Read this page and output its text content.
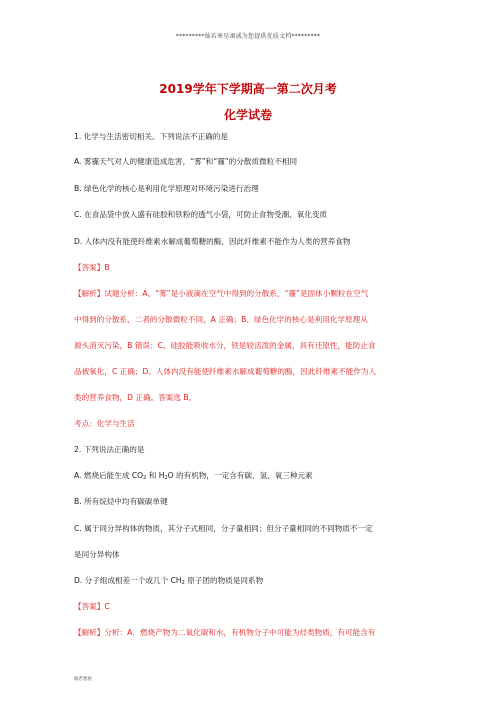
*********灿若寒星竭诚为您提供优质文档*********
2019学年下学期高一第二次月考
化学试卷
1. 化学与生活密切相关。下列说法不正确的是
A. 雾霾天气对人的健康造成危害，“雾”和“霾”的分散质微粒不相同
B. 绿色化学的核心是利用化学原理对环境污染进行治理
C. 在食品袋中放入盛有硅胶和铁粉的透气小袋，可防止食物受潮、氧化变质
D. 人体内没有能使纤维素水解成葡萄糖的酶，因此纤维素不能作为人类的营养食物
【答案】B
【解析】试题分析：A、“雾”是小液滴在空气中得到的分散系，“霾”是固体小颗粒在空气
中得到的分散系，二者的分散微粒不同，A 正确；B、绿色化学的核心是利用化学原理从
源头消灭污染，B 错误；C、硅胶能吸收水分，铁是较活泼的金属，具有还原性，能防止食
品被氧化，C 正确；D、人体内没有能使纤维素水解成葡萄糖的酶，因此纤维素不能作为人
类的营养食物，D 正确。答案选 B。
考点：化学与生活
2. 下列说法正确的是
A. 燃烧后能生成 $CO_2$ 和 $H_2O$ 的有机物，一定含有碳、氢、氧三种元素
B. 所有烷烃中均有碳碳单键
C. 属于同分异构体的物质，其分子式相同，分子量相同；但分子量相同的不同物质不一定
是同分异构体
D. 分子组成相差一个或几个 $CH_2$ 原子团的物质是同系物
【答案】C
【解析】分析：A．燃烧产物为二氧化碳和水，有机物分子中可能为烃类物质，有可能含有
灿若寒星
